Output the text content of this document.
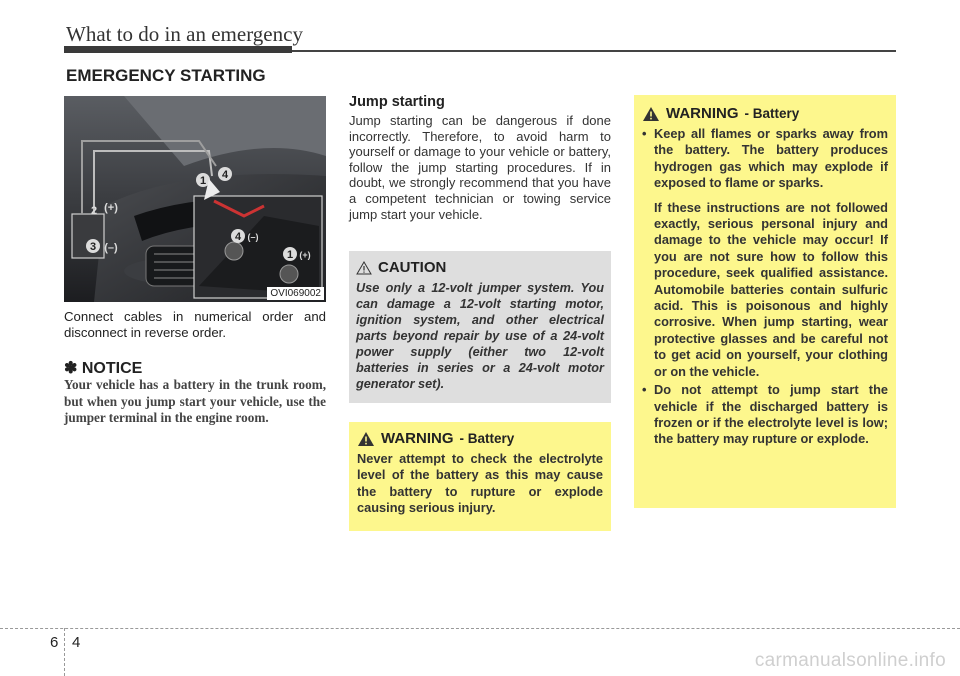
What to do in an emergency
EMERGENCY STARTING
1 4
3
4
1
2 (+)
(–)
(–)
(+)
OVI069002
Connect cables in numerical order and disconnect in reverse order.
✽ NOTICE
Your vehicle has a battery in the trunk room, but when you jump start your vehicle, use the jumper terminal in the engine room.
Jump starting
Jump starting can be dangerous if done incorrectly. Therefore, to avoid harm to yourself or damage to your vehicle or battery, follow the jump starting procedures. If in doubt, we strongly recommend that you have a competent technician or towing service jump start your vehicle.
CAUTION
Use only a 12-volt jumper system. You can damage a 12-volt starting motor, ignition system, and other electrical parts beyond repair by use of a 24-volt power supply (either two 12-volt batteries in series or a 24-volt motor generator set).
WARNING - Battery
Never attempt to check the electrolyte level of the battery as this may cause the battery to rupture or explode causing serious injury.
WARNING - Battery
• Keep all flames or sparks away from the battery. The battery produces hydrogen gas which may explode if exposed to flame or sparks.
If these instructions are not followed exactly, serious personal injury and damage to the vehicle may occur! If you are not sure how to follow this procedure, seek qualified assistance. Automobile batteries contain sulfuric acid. This is poisonous and highly corrosive. When jump starting, wear protective glasses and be careful not to get acid on yourself, your clothing or on the vehicle.
• Do not attempt to jump start the vehicle if the discharged battery is frozen or if the electrolyte level is low; the battery may rupture or explode.
6 4
carmanualsonline.info
